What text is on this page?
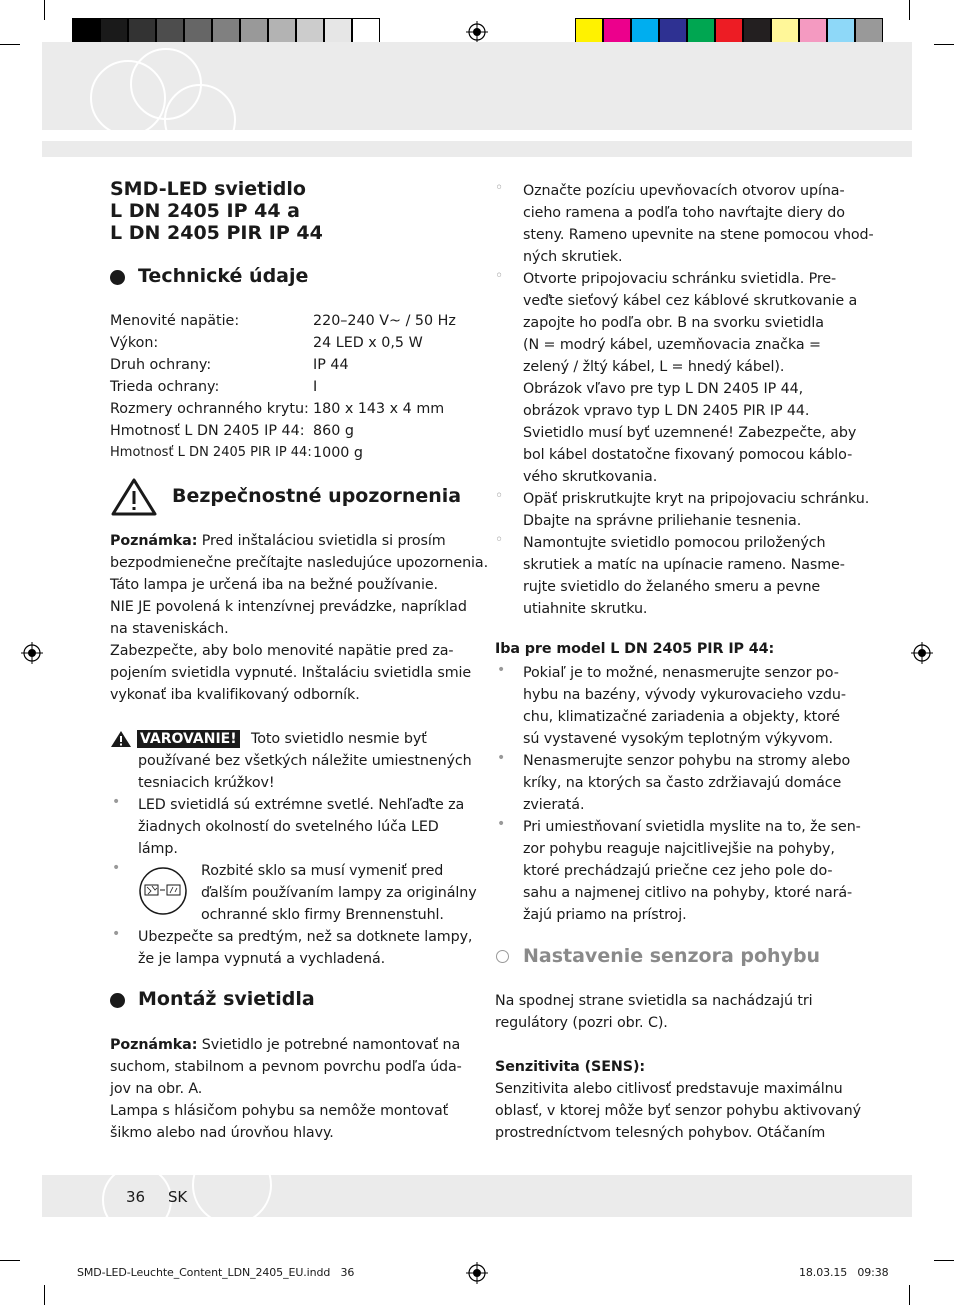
SMD-LED svietidlo
L DN 2405 IP 44 a
L DN 2405 PIR IP 44
Technické údaje
Menovité napätie:	220–240 V~ / 50 Hz
Výkon:	24 LED x 0,5 W
Druh ochrany:	IP 44
Trieda ochrany:	I
Rozmery ochranného krytu: 180 x 143 x 4 mm
Hmotnosť L DN 2405 IP 44: 860 g
Hmotnosť L DN 2405 PIR IP 44: 1000 g
Bezpečnostné upozornenia
Poznámka: Pred inštaláciou svietidla si prosím
bezpodmienečne prečítajte nasledujúce upozornenia.
Táto lampa je určená iba na bežné používanie.
NIE JE povolená k intenzívnej prevádzke, napríklad
na staveniskách.
Zabezpečte, aby bolo menovité napätie pred za-
pojením svietidla vypnuté. Inštaláciu svietidla smie
vykonať iba kvalifikovaný odborník.
VAROVANIE! Toto svietidlo nesmie byť
používané bez všetkých náležite umiestnených
tesniacich krúžkov!
• LED svietidlá sú extrémne svetlé. Nehľaďte za
žiadnych okolností do svetelného lúča LED
lámp.
•	Rozbité sklo sa musí vymeniť pred
ďalším používaním lampy za originálny
ochranné sklo firmy Brennenstuhl.
• Ubezpečte sa predtým, než sa dotknete lampy,
že je lampa vypnutá a vychladená.
Montáž svietidla
Poznámka: Svietidlo je potrebné namontovať na
suchom, stabilnom a pevnom povrchu podľa úda-
jov na obr. A.
Lampa s hlásičom pohybu sa nemôže montovať
šikmo alebo nad úrovňou hlavy.
◦ Označte pozíciu upevňovacích otvorov upína-
cieho ramena a podľa toho navŕtajte diery do
steny. Rameno upevnite na stene pomocou vhod-
ných skrutiek.
◦ Otvorte pripojovaciu schránku svietidla. Pre-
veďte sieťový kábel cez káblové skrutkovanie a
zapojte ho podľa obr. B na svorku svietidla
(N = modrý kábel, uzemňovacia značka =
zelený / žltý kábel, L = hnedý kábel).
Obrázok vľavo pre typ L DN 2405 IP 44,
obrázok vpravo typ L DN 2405 PIR IP 44.
Svietidlo musí byť uzemnené! Zabezpečte, aby
bol kábel dostatočne fixovaný pomocou káblo-
vého skrutkovania.
◦ Opäť priskrutkujte kryt na pripojovaciu schránku.
Dbajte na správne priliehanie tesnenia.
◦ Namontujte svietidlo pomocou priložených
skrutiek a matíc na upínacie rameno. Nasme-
rujte svietidlo do želaného smeru a pevne
utiahnite skrutku.
Iba pre model L DN 2405 PIR IP 44:
• Pokiaľ je to možné, nenasmerujte senzor po-
hybu na bazény, vývody vykurovacieho vzdu-
chu, klimatizačné zariadenia a objekty, ktoré
sú vystavené vysokým teplotným výkyvom.
• Nenasmerujte senzor pohybu na stromy alebo
kríky, na ktorých sa často zdržiavajú domáce
zvieratá.
• Pri umiestňovaní svietidla myslite na to, že sen-
zor pohybu reaguje najcitlivejšie na pohyby,
ktoré prechádzajú priečne cez jeho pole do-
sahu a najmenej citlivo na pohyby, ktoré nará-
žajú priamo na prístroj.
Nastavenie senzora pohybu
Na spodnej strane svietidla sa nachádzajú tri
regulátory (pozri obr. C).
Senzitivita (SENS):
Senzitivita alebo citlivosť predstavuje maximálnu
oblasť, v ktorej môže byť senzor pohybu aktivovaný
prostredníctvom telesných pohybov. Otáčaním
36 SK
SMD-LED-Leuchte_Content_LDN_2405_EU.indd   36	18.03.15   09:38
